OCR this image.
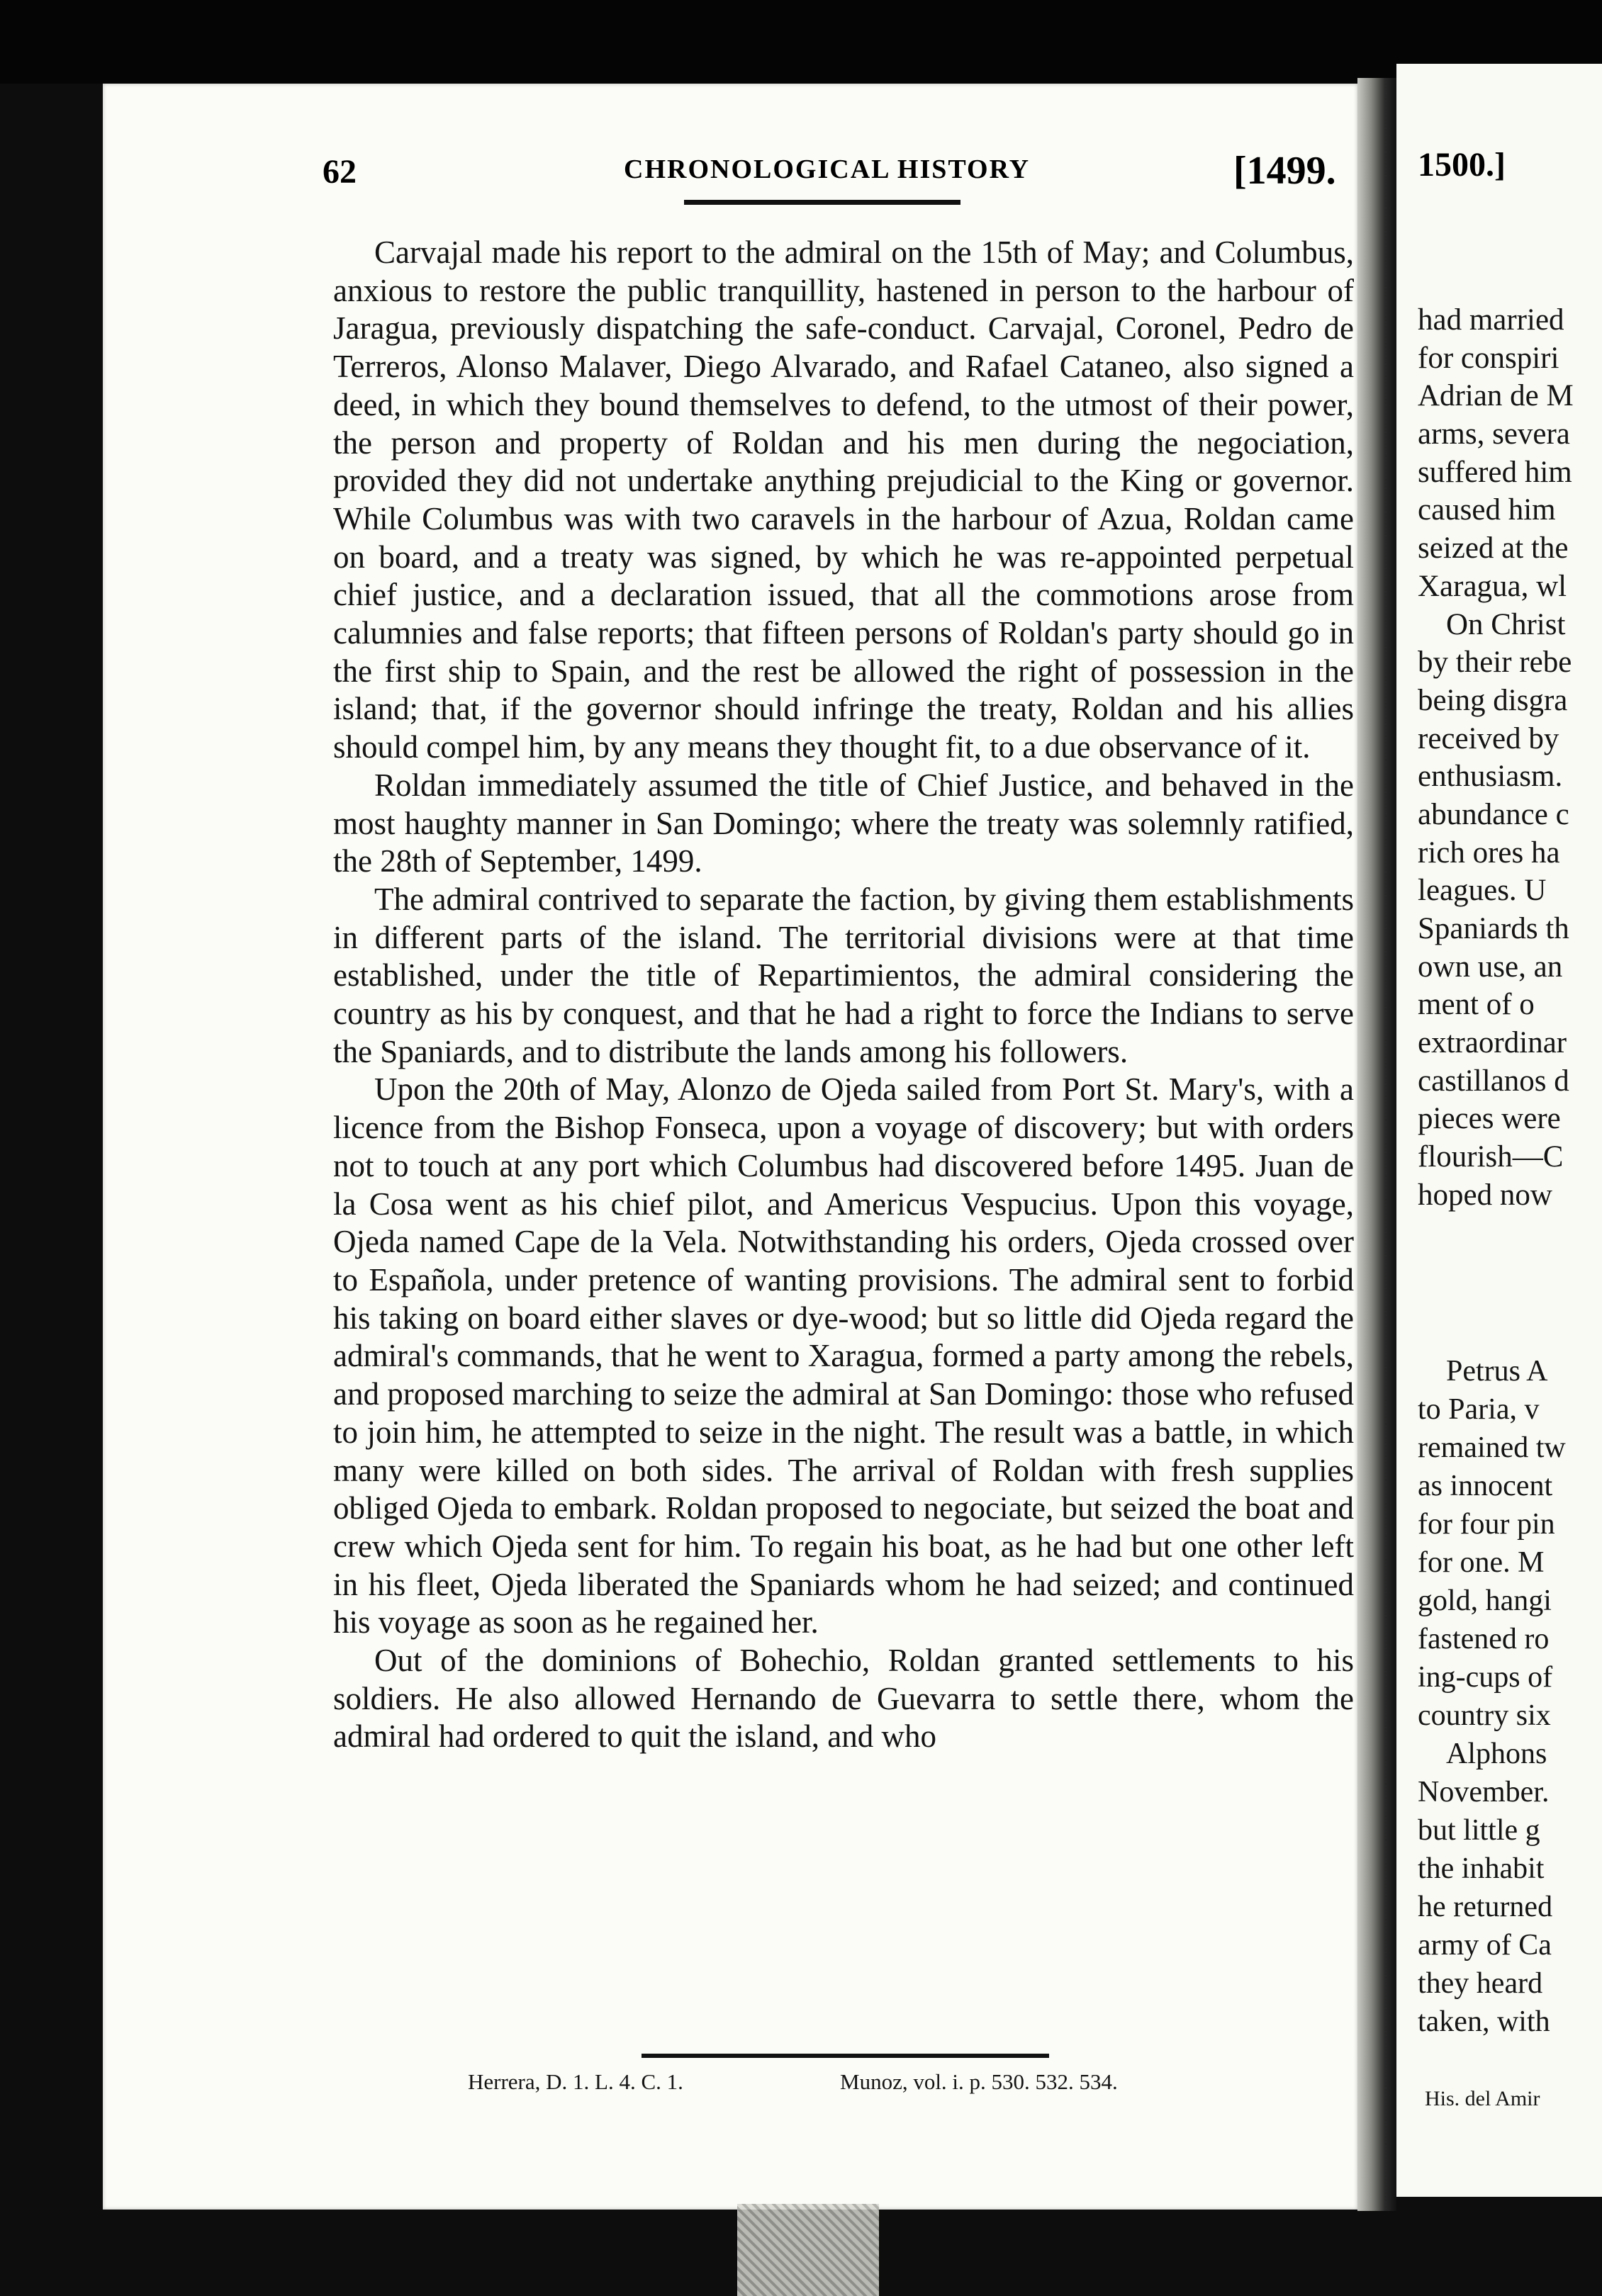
1500.]
had married
for conspiri
Adrian de M
arms, severa
suffered him
caused him
seized at the
Xaragua, wl
On Christ
by their rebe
being disgra
received by
enthusiasm.
abundance c
rich ores ha
leagues. U
Spaniards th
own use, an
ment of o
extraordinar
castillanos d
pieces were
flourish—C
hoped now
Petrus A
to Paria, v
remained tw
as innocent
for four pin
for one. M
gold, hangi
fastened ro
ing-cups of
country six
Alphons
November.
but little g
the inhabit
he returned
army of Ca
they heard
taken, with
His. del Amir
62	CHRONOLOGICAL HISTORY	[1499.

Carvajal made his report to the admiral on the 15th of May; and Columbus, anxious to restore the public tranquillity, hastened in person to the harbour of Jaragua, previously dispatching the safe-conduct. Carvajal, Coronel, Pedro de Terreros, Alonso Malaver, Diego Alvarado, and Rafael Cataneo, also signed a deed, in which they bound themselves to defend, to the utmost of their power, the person and property of Roldan and his men during the negociation, provided they did not undertake anything prejudicial to the King or governor. While Columbus was with two caravels in the harbour of Azua, Roldan came on board, and a treaty was signed, by which he was re-appointed perpetual chief justice, and a declaration issued, that all the commotions arose from calumnies and false reports; that fifteen persons of Roldan's party should go in the first ship to Spain, and the rest be allowed the right of possession in the island; that, if the governor should infringe the treaty, Roldan and his allies should compel him, by any means they thought fit, to a due observance of it.

Roldan immediately assumed the title of Chief Justice, and behaved in the most haughty manner in San Domingo; where the treaty was solemnly ratified, the 28th of September, 1499.

The admiral contrived to separate the faction, by giving them establishments in different parts of the island. The territorial divisions were at that time established, under the title of Repartimientos, the admiral considering the country as his by conquest, and that he had a right to force the Indians to serve the Spaniards, and to distribute the lands among his followers.

Upon the 20th of May, Alonzo de Ojeda sailed from Port St. Mary's, with a licence from the Bishop Fonseca, upon a voyage of discovery; but with orders not to touch at any port which Columbus had discovered before 1495. Juan de la Cosa went as his chief pilot, and Americus Vespucius. Upon this voyage, Ojeda named Cape de la Vela. Notwithstanding his orders, Ojeda crossed over to Española, under pretence of wanting provisions. The admiral sent to forbid his taking on board either slaves or dye-wood; but so little did Ojeda regard the admiral's commands, that he went to Xaragua, formed a party among the rebels, and proposed marching to seize the admiral at San Domingo: those who refused to join him, he attempted to seize in the night. The result was a battle, in which many were killed on both sides. The arrival of Roldan with fresh supplies obliged Ojeda to embark. Roldan proposed to negociate, but seized the boat and crew which Ojeda sent for him. To regain his boat, as he had but one other left in his fleet, Ojeda liberated the Spaniards whom he had seized; and continued his voyage as soon as he regained her.

Out of the dominions of Bohechio, Roldan granted settlements to his soldiers. He also allowed Hernando de Guevarra to settle there, whom the admiral had ordered to quit the island, and who

Herrera, D. 1. L. 4. C. 1.	Munoz, vol. i. p. 530. 532. 534.
